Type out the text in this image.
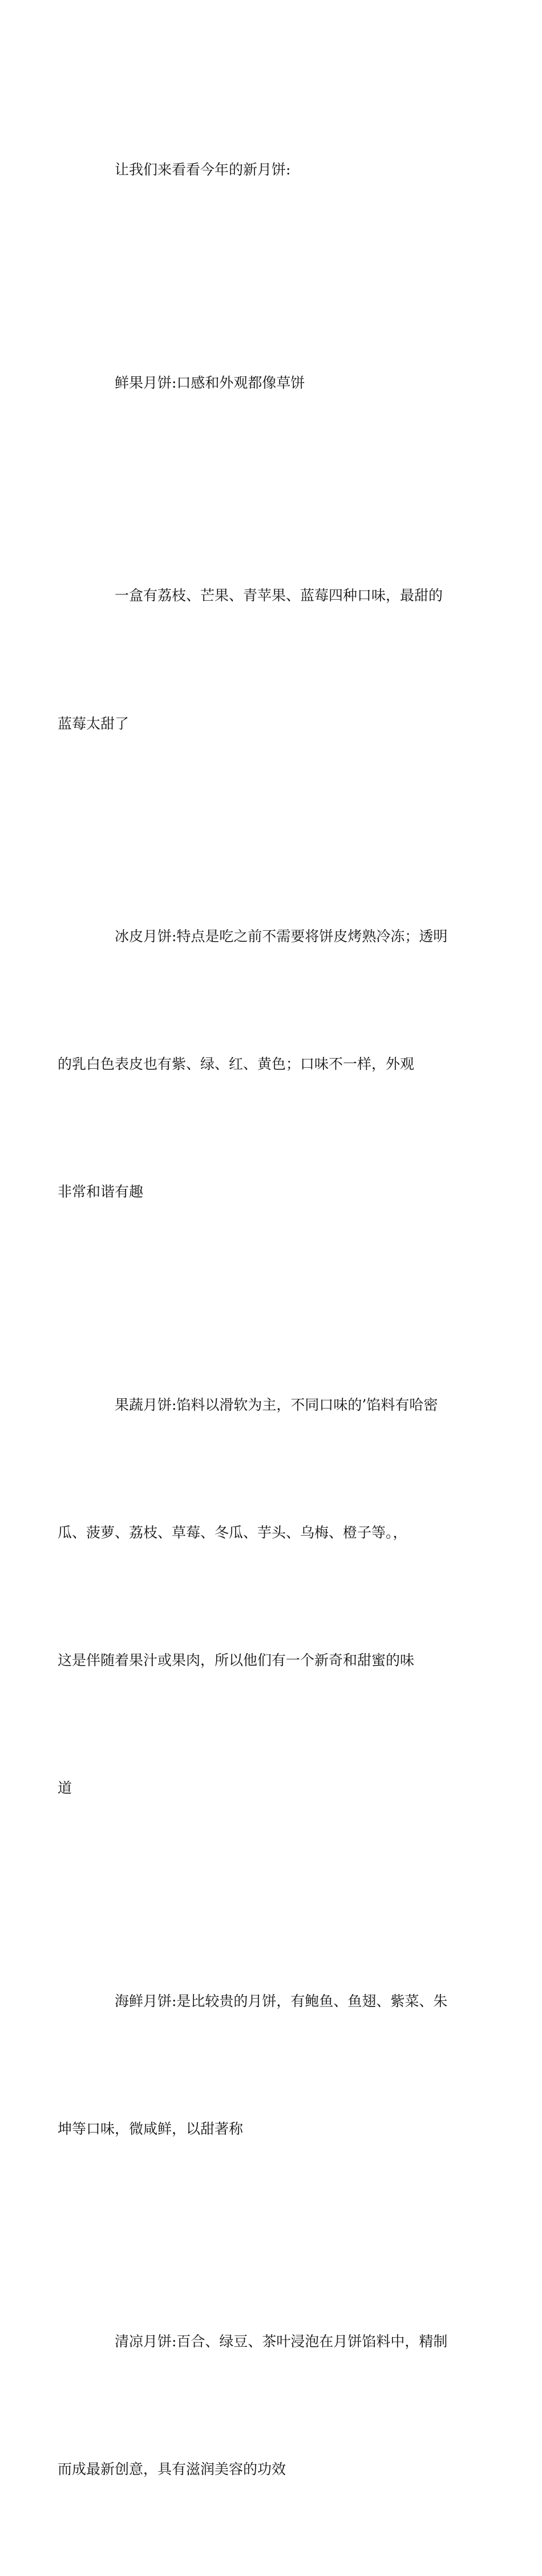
让我们来看看今年的新月饼:

鲜果月饼:口感和外观都像草饼

一盒有荔枝、芒果、青苹果、蓝莓四种口味，最甜的

蓝莓太甜了

冰皮月饼:特点是吃之前不需要将饼皮烤熟冷冻；透明

的乳白色表皮也有紫、绿、红、黄色；口味不一样，外观

非常和谐有趣

果蔬月饼:馅料以滑软为主，不同口味的’馅料有哈密

瓜、菠萝、荔枝、草莓、冬瓜、芋头、乌梅、橙子等。，

这是伴随着果汁或果肉，所以他们有一个新奇和甜蜜的味

道

海鲜月饼:是比较贵的月饼，有鲍鱼、鱼翅、紫菜、朱

坤等口味，微咸鲜，以甜著称

清凉月饼:百合、绿豆、茶叶浸泡在月饼馅料中，精制

而成最新创意，具有滋润美容的功效
